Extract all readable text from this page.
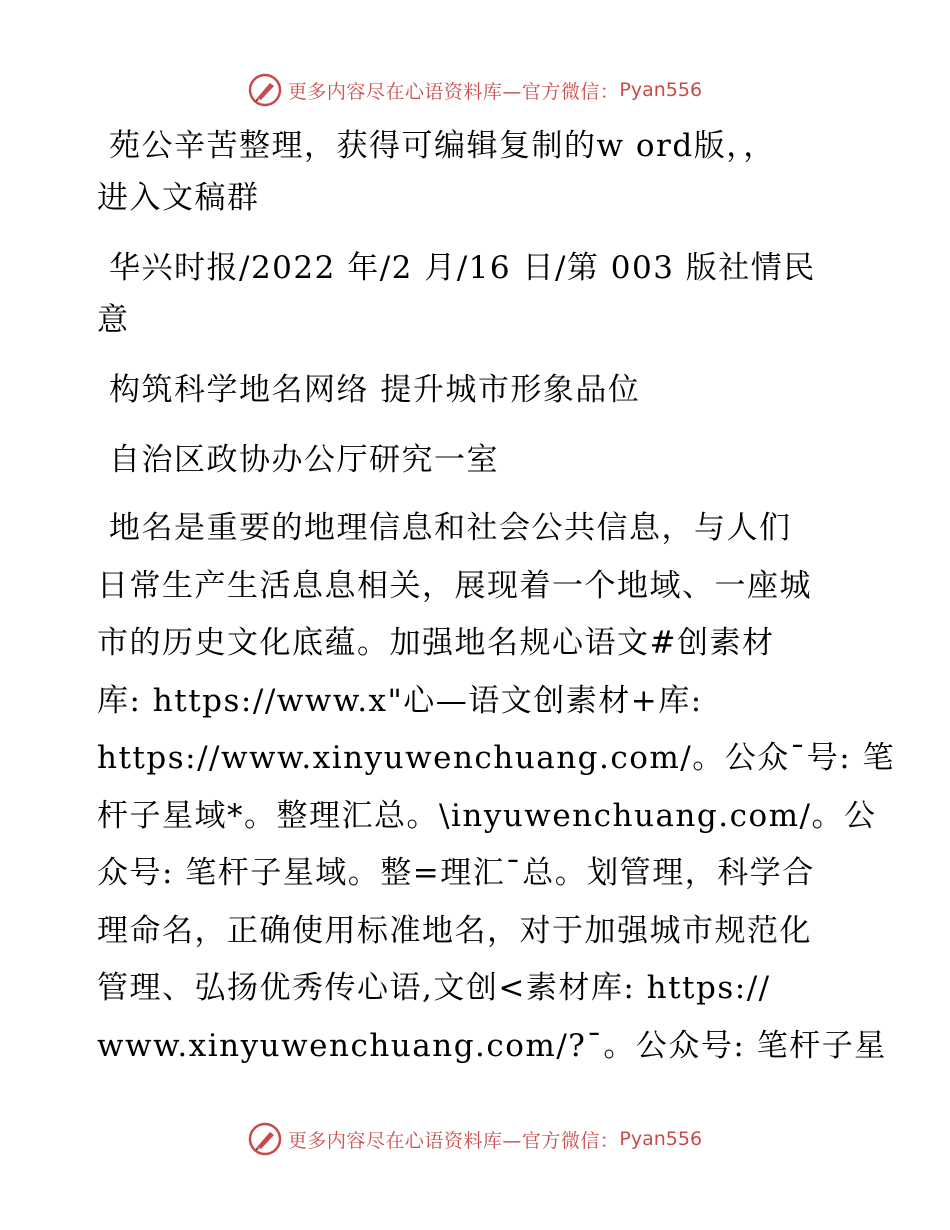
更多内容尽在心语资料库—官方微信： Pyan556

苑公辛苦整理，获得可编辑复制的w ord版，，
进入文稿群

华兴时报/2022 年/2 月/16 日/第 003 版社情民
意

构筑科学地名网络 提升城市形象品位

自治区政协办公厅研究一室

地名是重要的地理信息和社会公共信息，与人们
日常生产生活息息相关，展现着一个地域、一座城
市的历史文化底蕴。加强地名规心语文#创素材
库: https://www.x"心—语文创素材+库:
https://www.xinyuwenchuang.com/。公众¯号: 笔
杆子星域*。整理汇总。\inyuwenchuang.com/。公
众号: 笔杆子星域。整=理汇¯总。划管理，科学合
理命名，正确使用标准地名，对于加强城市规范化
管理、弘扬优秀传心语,文创<素材库: https://
www.xinyuwenchuang.com/?¯。公众号: 笔杆子星

更多内容尽在心语资料库—官方微信： Pyan556
